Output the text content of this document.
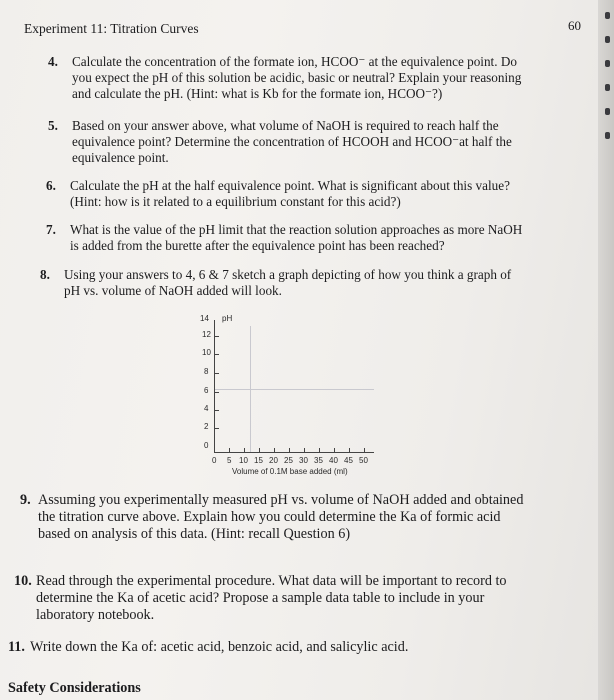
Experiment 11: Titration Curves	60
4. Calculate the concentration of the formate ion, HCOO⁻ at the equivalence point. Do
you expect the pH of this solution be acidic, basic or neutral? Explain your reasoning
and calculate the pH. (Hint: what is Kb for the formate ion, HCOO⁻?)
5. Based on your answer above, what volume of NaOH is required to reach half the
equivalence point? Determine the concentration of HCOOH and HCOO⁻at half the
equivalence point.
6. Calculate the pH at the half equivalence point. What is significant about this value?
(Hint: how is it related to a equilibrium constant for this acid?)
7. What is the value of the pH limit that the reaction solution approaches as more NaOH
is added from the burette after the equivalence point has been reached?
8. Using your answers to 4, 6 & 7 sketch a graph depicting of how you think a graph of
pH vs. volume of NaOH added will look.
14 pH
12
10
8
6
4
2
0
0 5 10 15 20 25 30 35 40 45 50
Volume of 0.1M base added (ml)
9. Assuming you experimentally measured pH vs. volume of NaOH added and obtained
the titration curve above. Explain how you could determine the Ka of formic acid
based on analysis of this data. (Hint: recall Question 6)
10. Read through the experimental procedure. What data will be important to record to
determine the Ka of acetic acid? Propose a sample data table to include in your
laboratory notebook.
11. Write down the Ka of: acetic acid, benzoic acid, and salicylic acid.
Safety Considerations
